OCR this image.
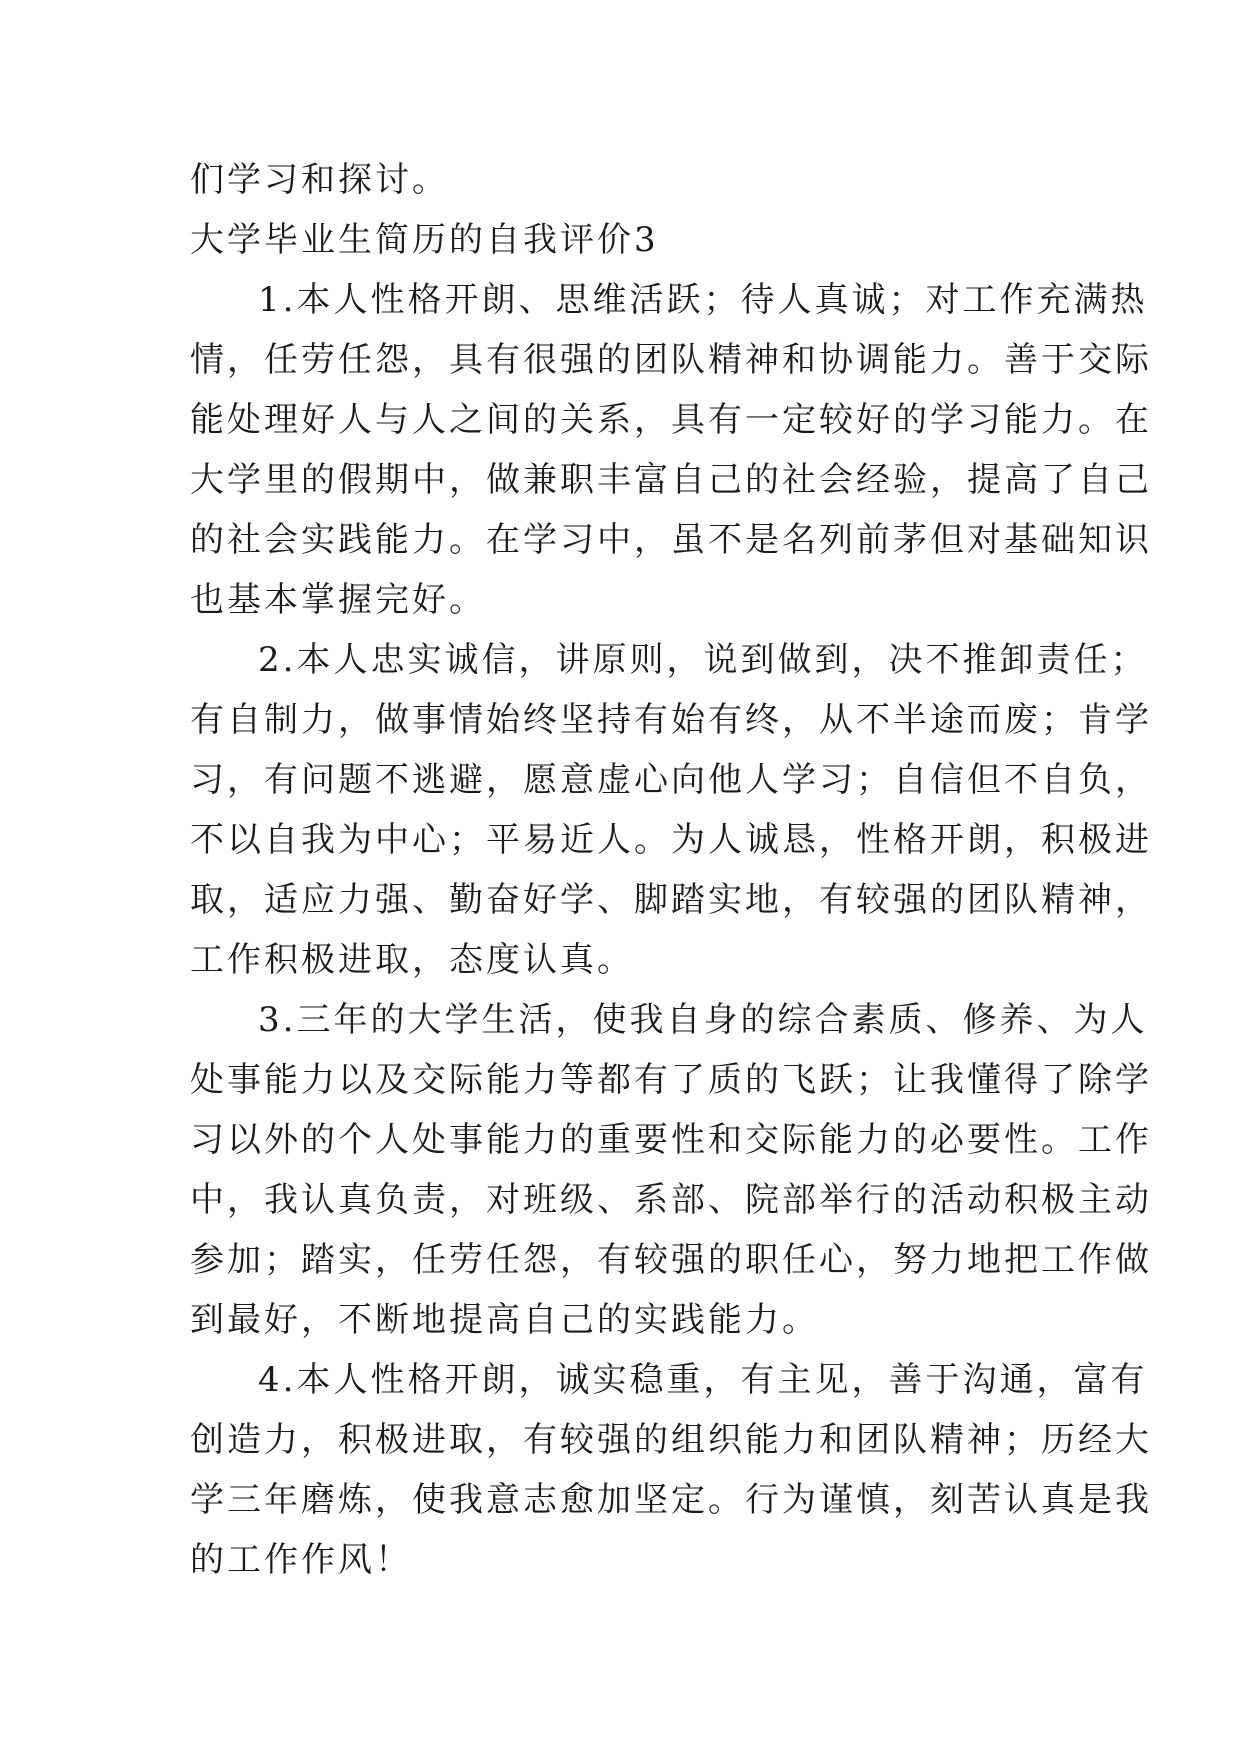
们学习和探讨。

大学毕业生简历的自我评价3

1.本人性格开朗、思维活跃；待人真诚；对工作充满热
情，任劳任怨，具有很强的团队精神和协调能力。善于交际
能处理好人与人之间的关系，具有一定较好的学习能力。在
大学里的假期中，做兼职丰富自己的社会经验，提高了自己
的社会实践能力。在学习中，虽不是名列前茅但对基础知识
也基本掌握完好。
2.本人忠实诚信，讲原则，说到做到，决不推卸责任；
有自制力，做事情始终坚持有始有终，从不半途而废；肯学
习，有问题不逃避，愿意虚心向他人学习；自信但不自负，
不以自我为中心；平易近人。为人诚恳，性格开朗，积极进
取，适应力强、勤奋好学、脚踏实地，有较强的团队精神，
工作积极进取，态度认真。
3.三年的大学生活，使我自身的综合素质、修养、为人
处事能力以及交际能力等都有了质的飞跃；让我懂得了除学
习以外的个人处事能力的重要性和交际能力的必要性。工作
中，我认真负责，对班级、系部、院部举行的活动积极主动
参加；踏实，任劳任怨，有较强的职任心，努力地把工作做
到最好，不断地提高自己的实践能力。
4.本人性格开朗，诚实稳重，有主见，善于沟通，富有
创造力，积极进取，有较强的组织能力和团队精神；历经大
学三年磨炼，使我意志愈加坚定。行为谨慎，刻苦认真是我
的工作作风！
